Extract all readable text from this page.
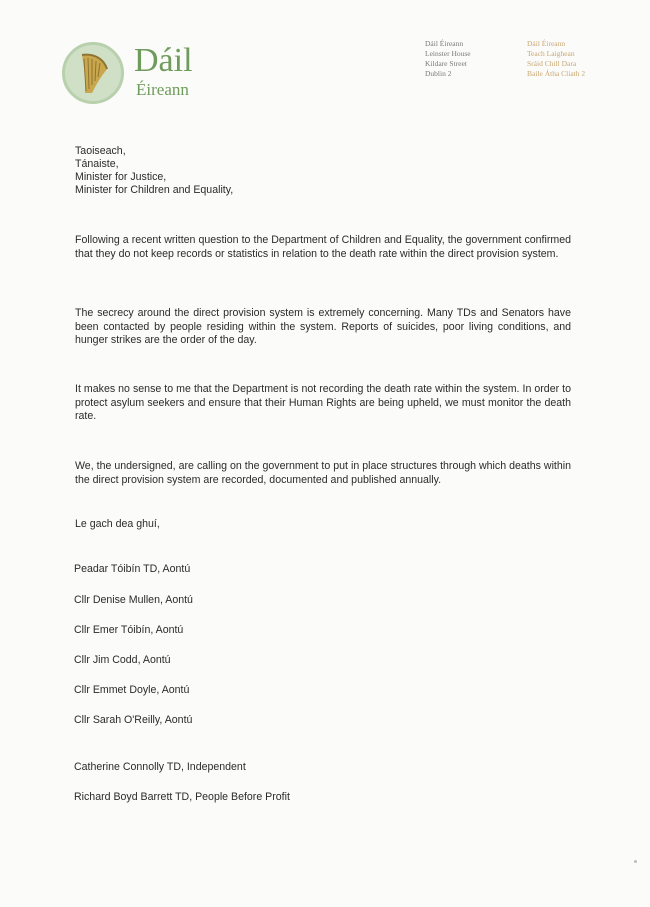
Dáil
Éireann
Dáil Éireann
Leinster House
Kildare Street
Dublin 2
Dáil Éireann
Teach Laighean
Sráid Chill Dara
Baile Átha Cliath 2
Taoiseach,
Tánaiste,
Minister for Justice,
Minister for Children and Equality,
Following a recent written question to the Department of Children and Equality, the government confirmed that they do not keep records or statistics in relation to the death rate within the direct provision system.
The secrecy around the direct provision system is extremely concerning. Many TDs and Senators have been contacted by people residing within the system. Reports of suicides, poor living conditions, and hunger strikes are the order of the day.
It makes no sense to me that the Department is not recording the death rate within the system. In order to protect asylum seekers and ensure that their Human Rights are being upheld, we must monitor the death rate.
We, the undersigned, are calling on the government to put in place structures through which deaths within the direct provision system are recorded, documented and published annually.
Le gach dea ghuí,
Peadar Tóibín TD, Aontú
Cllr Denise Mullen, Aontú
Cllr Emer Tóibín, Aontú
Cllr Jim Codd, Aontú
Cllr Emmet Doyle, Aontú
Cllr Sarah O'Reilly, Aontú
Catherine Connolly TD, Independent
Richard Boyd Barrett TD, People Before Profit
